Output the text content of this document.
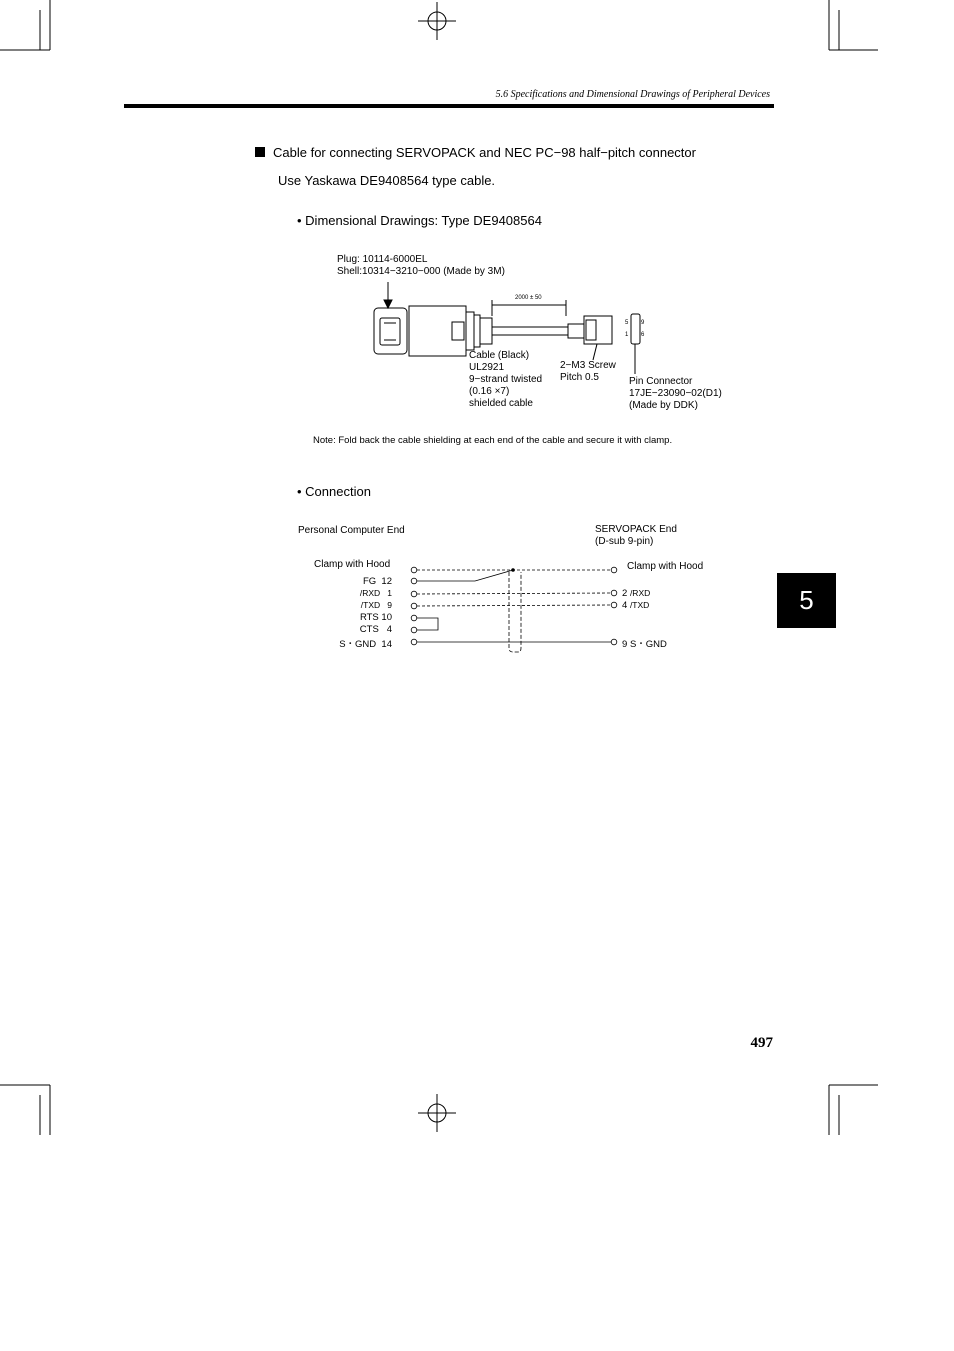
5.6 Specifications and Dimensional Drawings of Peripheral Devices
Cable for connecting SERVOPACK and NEC PC−98 half−pitch connector
Use Yaskawa DE9408564 type cable.
• Dimensional Drawings: Type DE9408564
Plug: 10114-6000EL
Shell:10314−3210−000 (Made by 3M)
2000 ± 50
Cable (Black)
UL2921
9−strand twisted
(0.16 ×7)
shielded cable
2−M3 Screw
Pitch 0.5	Pin Connector
17JE−23090−02(D1)
(Made by DDK)
5 9
1 6
Note: Fold back the cable shielding at each end of the cable and secure it with clamp.
• Connection
Personal Computer End	SERVOPACK End
(D-sub 9-pin)
Clamp with Hood	Clamp with Hood
FG 12
/RXD 1
/TXD 9
RTS 10
CTS 4
S・GND 14
2 /RXD
4 /TXD
9 S・GND
5
497
